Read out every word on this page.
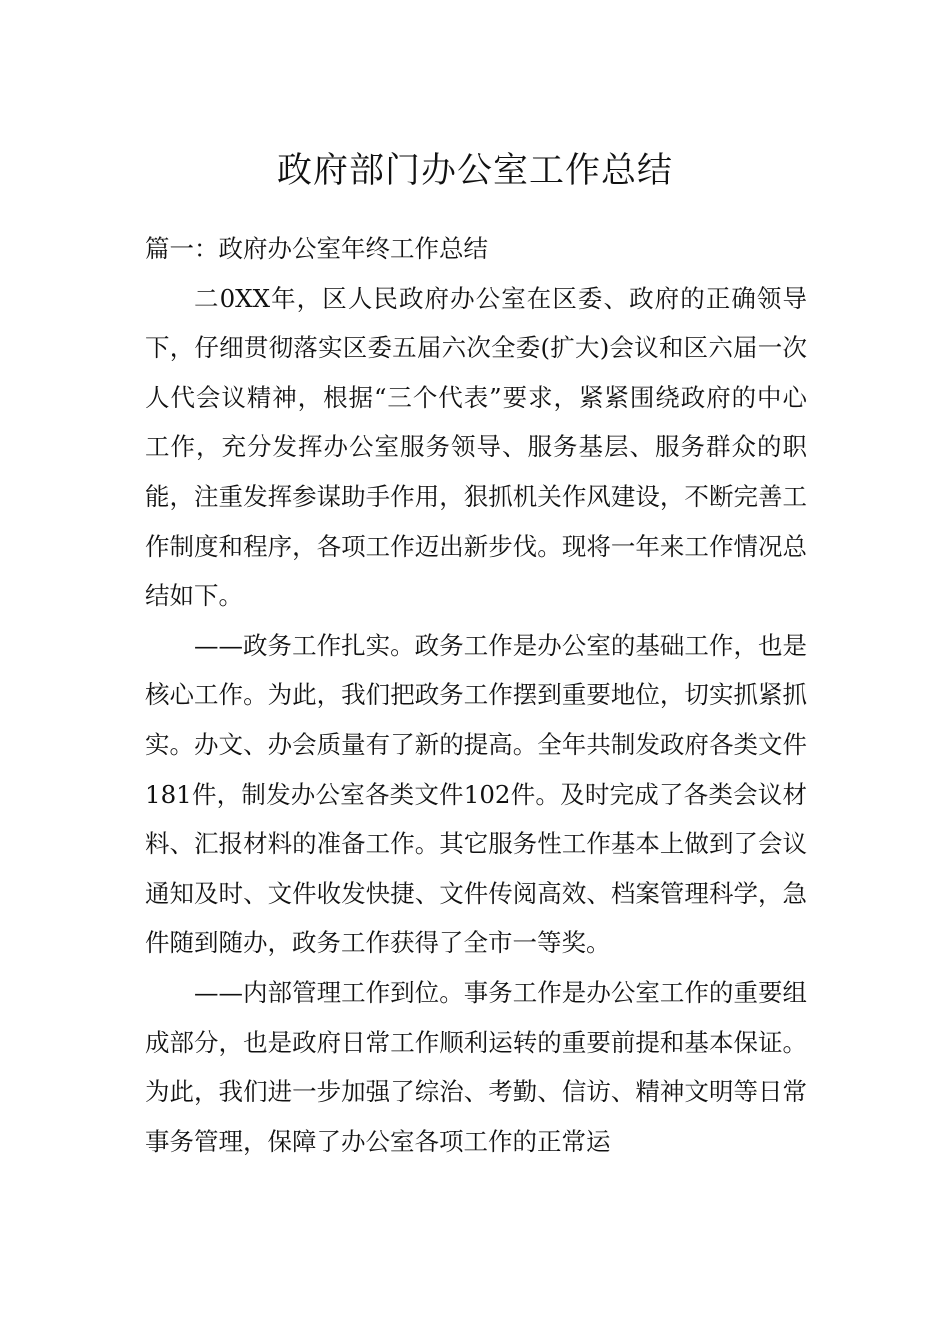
政府部门办公室工作总结

篇一：政府办公室年终工作总结

二0XX年，区人民政府办公室在区委、政府的正确领导下，仔细贯彻落实区委五届六次全委(扩大)会议和区六届一次人代会议精神，根据“三个代表”要求，紧紧围绕政府的中心工作，充分发挥办公室服务领导、服务基层、服务群众的职能，注重发挥参谋助手作用，狠抓机关作风建设，不断完善工作制度和程序，各项工作迈出新步伐。现将一年来工作情况总结如下。

——政务工作扎实。政务工作是办公室的基础工作，也是核心工作。为此，我们把政务工作摆到重要地位，切实抓紧抓实。办文、办会质量有了新的提高。全年共制发政府各类文件181件，制发办公室各类文件102件。及时完成了各类会议材料、汇报材料的准备工作。其它服务性工作基本上做到了会议通知及时、文件收发快捷、文件传阅高效、档案管理科学，急件随到随办，政务工作获得了全市一等奖。

——内部管理工作到位。事务工作是办公室工作的重要组成部分，也是政府日常工作顺利运转的重要前提和基本保证。为此，我们进一步加强了综治、考勤、信访、精神文明等日常事务管理，保障了办公室各项工作的正常运
